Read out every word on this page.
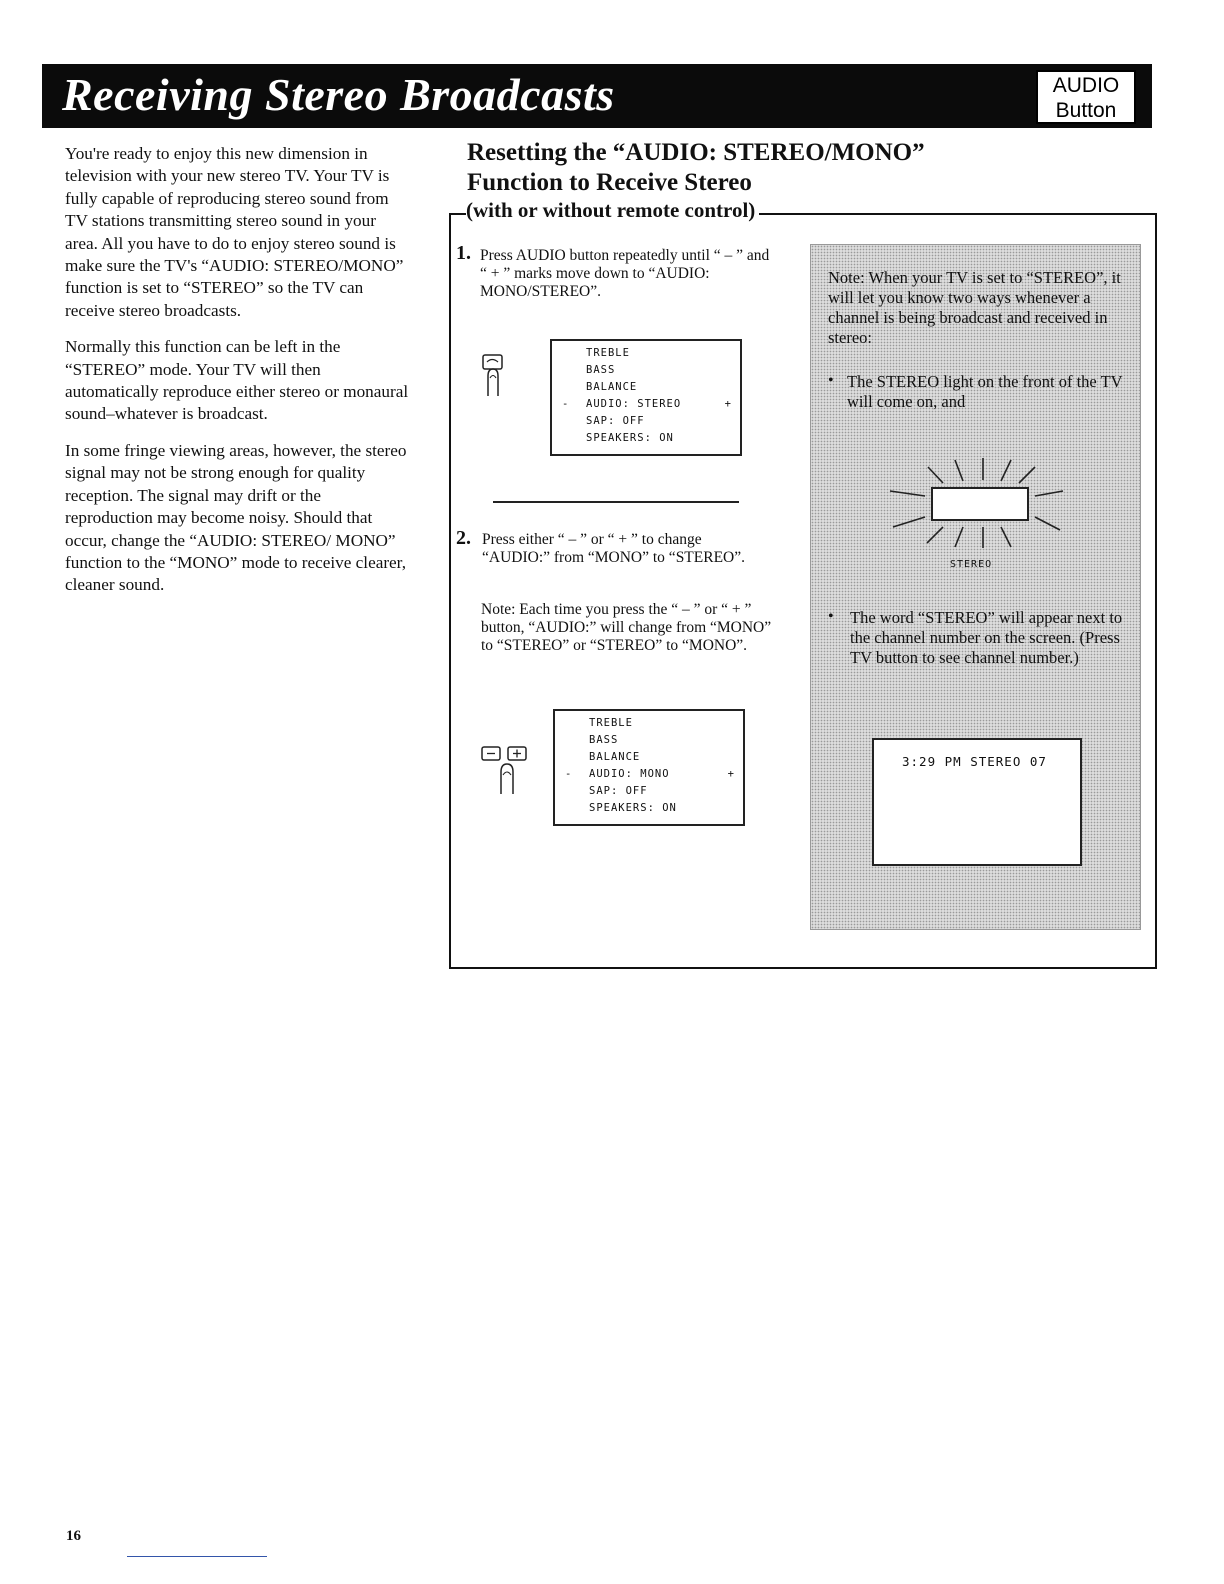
Receiving Stereo Broadcasts	AUDIO
Button

You're ready to enjoy this new dimension in television with your new stereo TV. Your TV is fully capable of reproducing stereo sound from TV stations transmitting stereo sound in your area. All you have to do to enjoy stereo sound is make sure the TV's “AUDIO: STEREO/MONO” function is set to “STEREO” so the TV can receive stereo broadcasts.

Normally this function can be left in the “STEREO” mode. Your TV will then automatically reproduce either stereo or monaural sound–whatever is broadcast.

In some fringe viewing areas, however, the stereo signal may not be strong enough for quality reception. The signal may drift or the reproduction may become noisy. Should that occur, change the “AUDIO: STEREO/ MONO” function to the “MONO” mode to receive clearer, cleaner sound.

Resetting the “AUDIO: STEREO/MONO”
Function to Receive Stereo
(with or without remote control)
1. Press AUDIO button repeatedly until “ – ” and “ + ” marks move down to “AUDIO: MONO/STEREO”.
TREBLE
BASS
BALANCE
- AUDIO: STEREO	+
SAP: OFF
SPEAKERS: ON
2. Press either “ – ” or “ + ” to change “AUDIO:” from “MONO” to “STEREO”.
Note: Each time you press the “ – ” or “ + ” button, “AUDIO:” will change from “MONO” to “STEREO” or “STEREO” to “MONO”.
TREBLE
BASS
BALANCE
- AUDIO: MONO	+
SAP: OFF
SPEAKERS: ON
Note: When your TV is set to “STEREO”, it will let you know two ways whenever a channel is being broadcast and received in stereo:
• The STEREO light on the front of the TV will come on, and
STEREO
• The word “STEREO” will appear next to the channel number on the screen. (Press TV button to see channel number.)
3:29 PM STEREO 07
16
